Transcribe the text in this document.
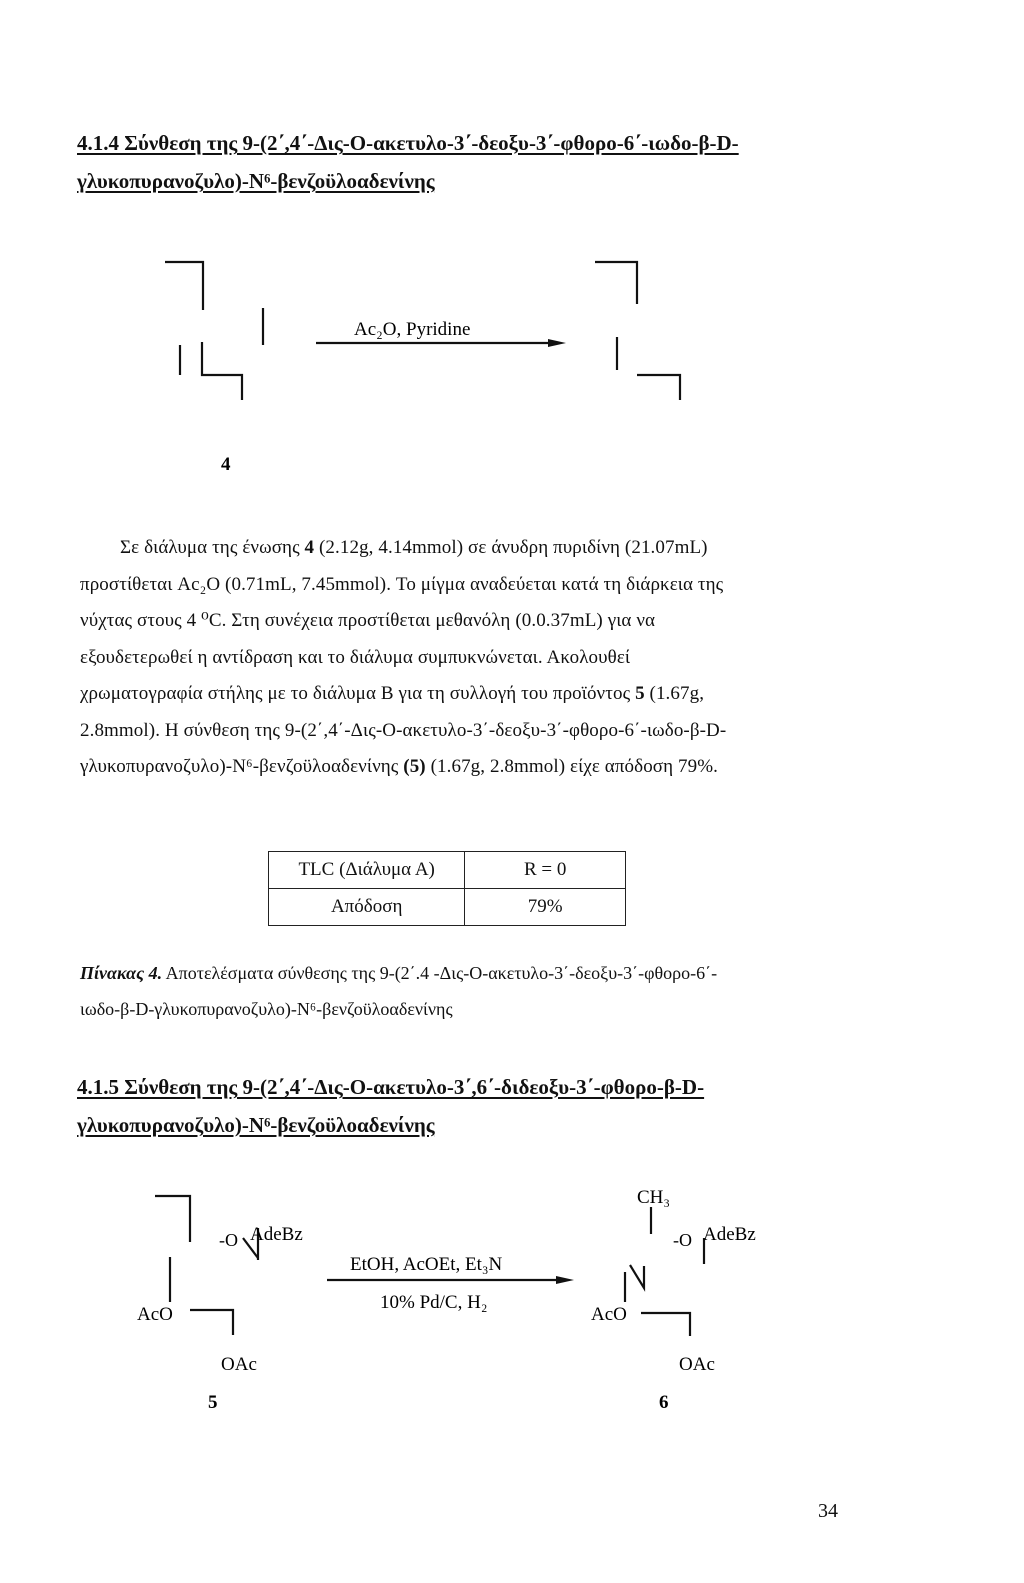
4.1.4 Σύνθεση της 9-(2΄,4΄-Δις-Ο-ακετυλο-3΄-δεοξυ-3΄-φθορο-6΄-ιωδο-β-D-
γλυκοπυρανοζυλο)-N⁶-βενζοϋλοαδενίνης
Ac₂O, Pyridine
4
Σε διάλυμα της ένωσης 4 (2.12g, 4.14mmol) σε άνυδρη πυριδίνη (21.07mL)
προστίθεται Ac₂O (0.71mL, 7.45mmol). Το μίγμα αναδεύεται κατά τη διάρκεια της
νύχτας στους 4 ⁰C. Στη συνέχεια προστίθεται μεθανόλη (0.0.37mL) για να
εξουδετερωθεί η αντίδραση και το διάλυμα συμπυκνώνεται. Ακολουθεί
χρωματογραφία στήλης με το διάλυμα Β για τη συλλογή του προϊόντος 5 (1.67g,
2.8mmol). Η σύνθεση της 9-(2΄,4΄-Δις-Ο-ακετυλο-3΄-δεοξυ-3΄-φθορο-6΄-ιωδο-β-D-
γλυκοπυρανοζυλο)-N⁶-βενζοϋλοαδενίνης (5) (1.67g, 2.8mmol) είχε απόδοση 79%.
TLC (Διάλυμα Α)	R = 0
Απόδοση	79%
Πίνακας 4. Αποτελέσματα σύνθεσης της 9-(2΄.4 -Δις-Ο-ακετυλο-3΄-δεοξυ-3΄-φθορο-6΄-
ιωδο-β-D-γλυκοπυρανοζυλο)-N⁶-βενζοϋλοαδενίνης
4.1.5 Σύνθεση της 9-(2΄,4΄-Δις-Ο-ακετυλο-3΄,6΄-διδεοξυ-3΄-φθορο-β-D-
γλυκοπυρανοζυλο)-N⁶-βενζοϋλοαδενίνης
-O AdeBz
AcO
OAc
5
EtOH, AcOEt, Et₃N
10% Pd/C, H₂
CH₃
-O AdeBz
AcO
OAc
6
34
